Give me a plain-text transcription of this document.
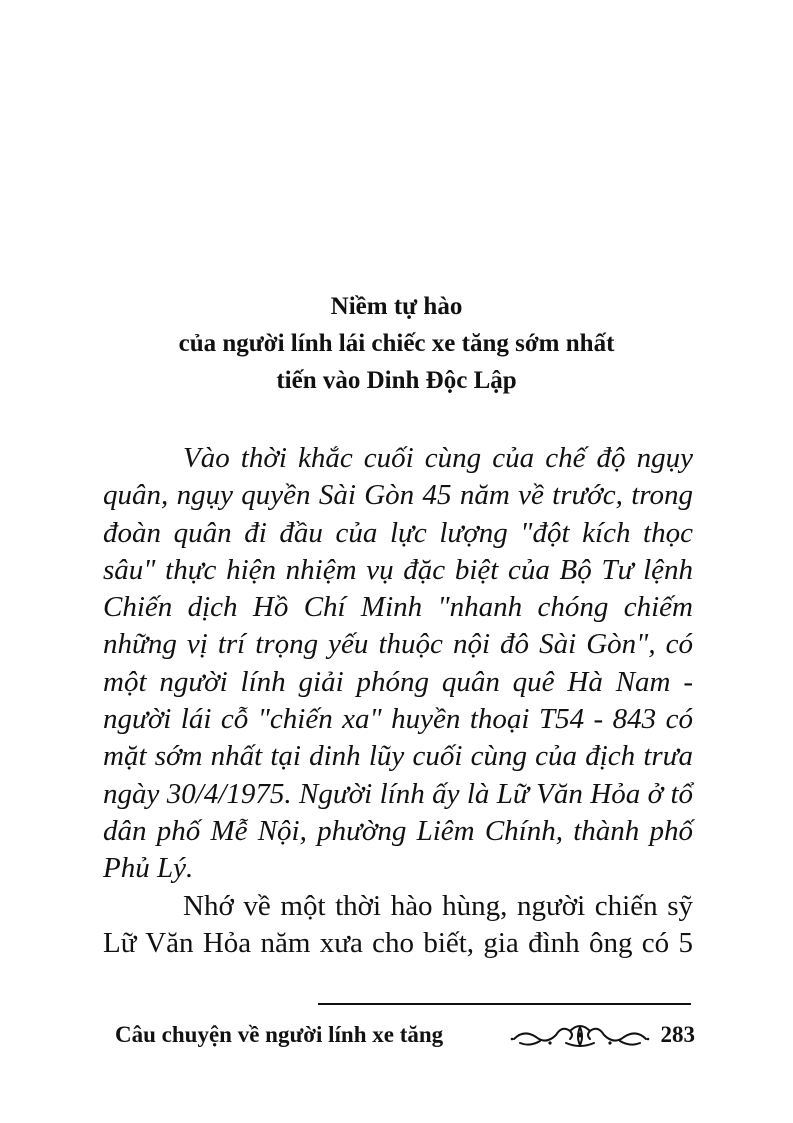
Niềm tự hào
của người lính lái chiếc xe tăng sớm nhất
tiến vào Dinh Độc Lập
Vào thời khắc cuối cùng của chế độ ngụy
quân, ngụy quyền Sài Gòn 45 năm về trước, trong
đoàn quân đi đầu của lực lượng "đột kích thọc
sâu" thực hiện nhiệm vụ đặc biệt của Bộ Tư lệnh
Chiến dịch Hồ Chí Minh "nhanh chóng chiếm
những vị trí trọng yếu thuộc nội đô Sài Gòn", có
một người lính giải phóng quân quê Hà Nam -
người lái cỗ "chiến xa" huyền thoại T54 - 843 có
mặt sớm nhất tại dinh lũy cuối cùng của địch trưa
ngày 30/4/1975. Người lính ấy là Lữ Văn Hỏa ở tổ
dân phố Mễ Nội, phường Liêm Chính, thành phố
Phủ Lý.
Nhớ về một thời hào hùng, người chiến sỹ
Lữ Văn Hỏa năm xưa cho biết, gia đình ông có 5
Câu chuyện về người lính xe tăng	283
